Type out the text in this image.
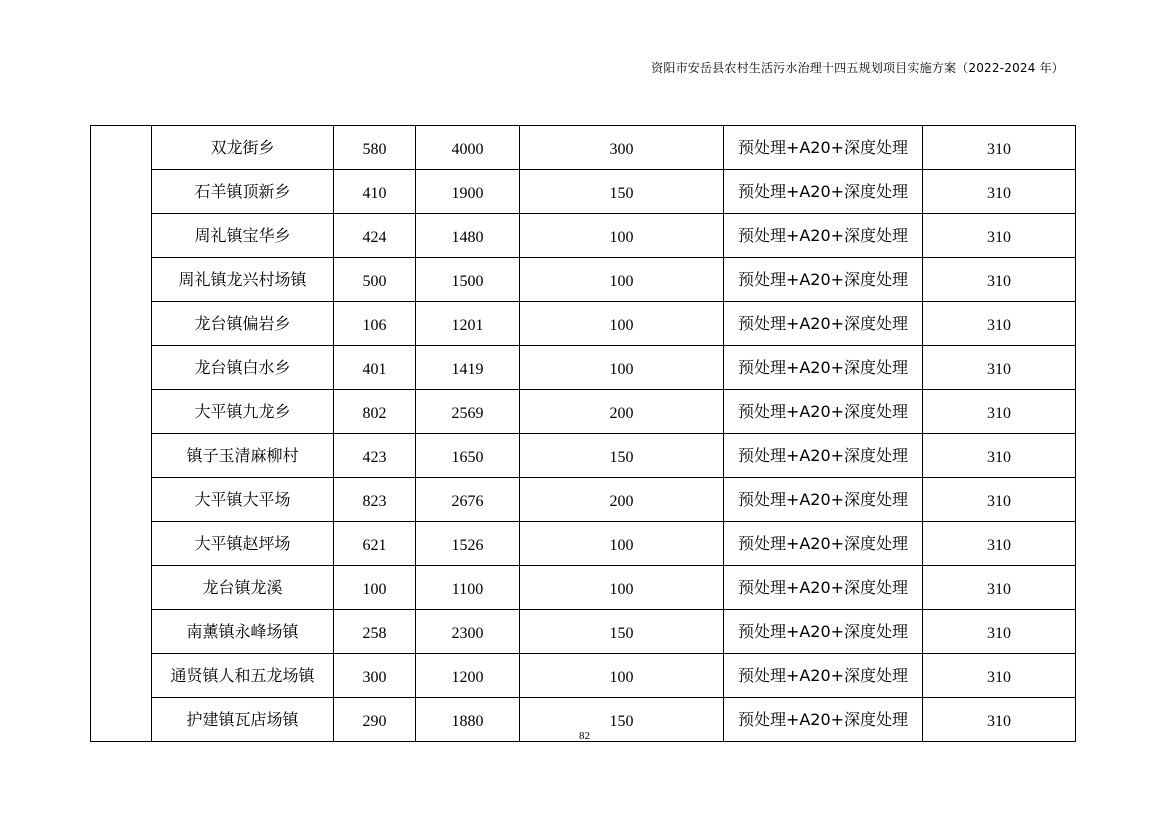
资阳市安岳县农村生活污水治理十四五规划项目实施方案（2022-2024 年）
	双龙街乡	580	4000	300	预处理+A20+深度处理	310
	石羊镇顶新乡	410	1900	150	预处理+A20+深度处理	310
	周礼镇宝华乡	424	1480	100	预处理+A20+深度处理	310
	周礼镇龙兴村场镇	500	1500	100	预处理+A20+深度处理	310
	龙台镇偏岩乡	106	1201	100	预处理+A20+深度处理	310
	龙台镇白水乡	401	1419	100	预处理+A20+深度处理	310
	大平镇九龙乡	802	2569	200	预处理+A20+深度处理	310
	镇子玉清麻柳村	423	1650	150	预处理+A20+深度处理	310
	大平镇大平场	823	2676	200	预处理+A20+深度处理	310
	大平镇赵坪场	621	1526	100	预处理+A20+深度处理	310
	龙台镇龙溪	100	1100	100	预处理+A20+深度处理	310
	南薰镇永峰场镇	258	2300	150	预处理+A20+深度处理	310
	通贤镇人和五龙场镇	300	1200	100	预处理+A20+深度处理	310
	护建镇瓦店场镇	290	1880	150	预处理+A20+深度处理	310
82
